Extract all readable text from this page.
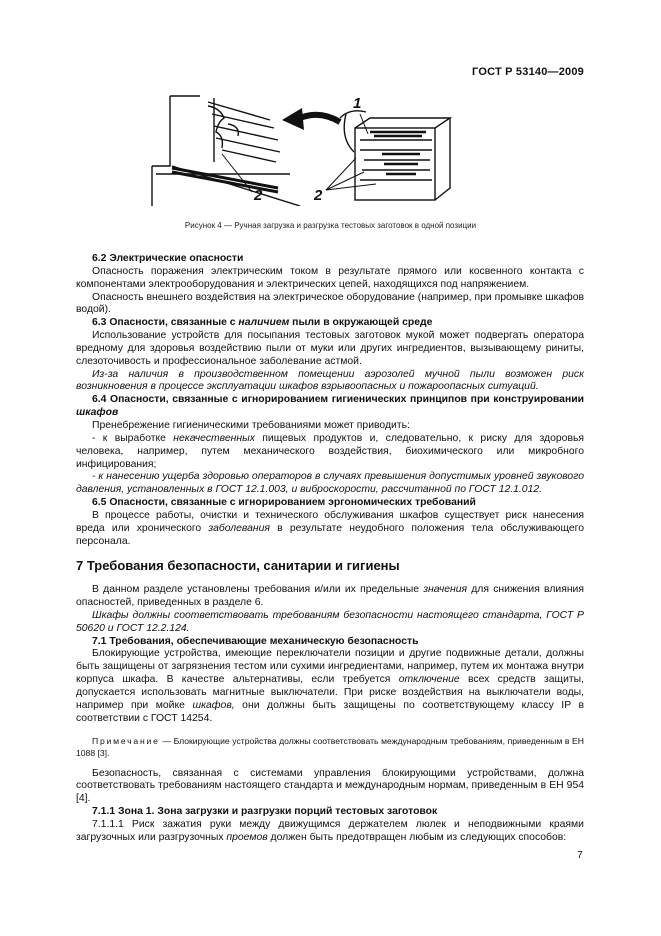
ГОСТ Р 53140—2009
1
2	2
Рисунок 4 — Ручная загрузка и разгрузка тестовых заготовок в одной позиции

6.2 Электрические опасности

Опасность поражения электрическим током в результате прямого или косвенного контакта с компонентами электрооборудования и электрических цепей, находящихся под напряжением.

Опасность внешнего воздействия на электрическое оборудование (например, при промывке шкафов водой).

6.3 Опасности, связанные с наличием пыли в окружающей среде

Использование устройств для посыпания тестовых заготовок мукой может подвергать оператора вредному для здоровья воздействию пыли от муки или других ингредиентов, вызывающему риниты, слезоточивость и профессиональное заболевание астмой.

Из-за наличия в производственном помещении аэрозолей мучной пыли возможен риск возникновения в процессе эксплуатации шкафов взрывоопасных и пожароопасных ситуаций.

6.4 Опасности, связанные с игнорированием гигиенических принципов при конструировании шкафов

Пренебрежение гигиеническими требованиями может приводить:

- к выработке некачественных пищевых продуктов и, следовательно, к риску для здоровья человека, например, путем механического воздействия, биохимического или микробного инфицирования;

- к нанесению ущерба здоровью операторов в случаях превышения допустимых уровней звукового давления, установленных в ГОСТ 12.1.003, и виброскорости, рассчитанной по ГОСТ 12.1.012.

6.5 Опасности, связанные с игнорированием эргономических требований

В процессе работы, очистки и технического обслуживания шкафов существует риск нанесения вреда или хронического заболевания в результате неудобного положения тела обслуживающего персонала.

7 Требования безопасности, санитарии и гигиены

В данном разделе установлены требования и/или их предельные значения для снижения влияния опасностей, приведенных в разделе 6.

Шкафы должны соответствовать требованиям безопасности настоящего стандарта, ГОСТ Р 50620 и ГОСТ 12.2.124.

7.1 Требования, обеспечивающие механическую безопасность

Блокирующие устройства, имеющие переключатели позиции и другие подвижные детали, должны быть защищены от загрязнения тестом или сухими ингредиентами, например, путем их монтажа внутри корпуса шкафа. В качестве альтернативы, если требуется отключение всех средств защиты, допускается использовать магнитные выключатели. При риске воздействия на выключатели воды, например при мойке шкафов, они должны быть защищены по соответствующему классу IP в соответствии с ГОСТ 14254.

Примечание — Блокирующие устройства должны соответствовать международным требованиям, приведенным в ЕН 1088 [3].

Безопасность, связанная с системами управления блокирующими устройствами, должна соответствовать требованиям настоящего стандарта и международным нормам, приведенным в ЕН 954 [4].

7.1.1 Зона 1. Зона загрузки и разгрузки порций тестовых заготовок

7.1.1.1 Риск зажатия руки между движущимся держателем люлек и неподвижными краями загрузочных или разгрузочных проемов должен быть предотвращен любым из следующих способов:

7
